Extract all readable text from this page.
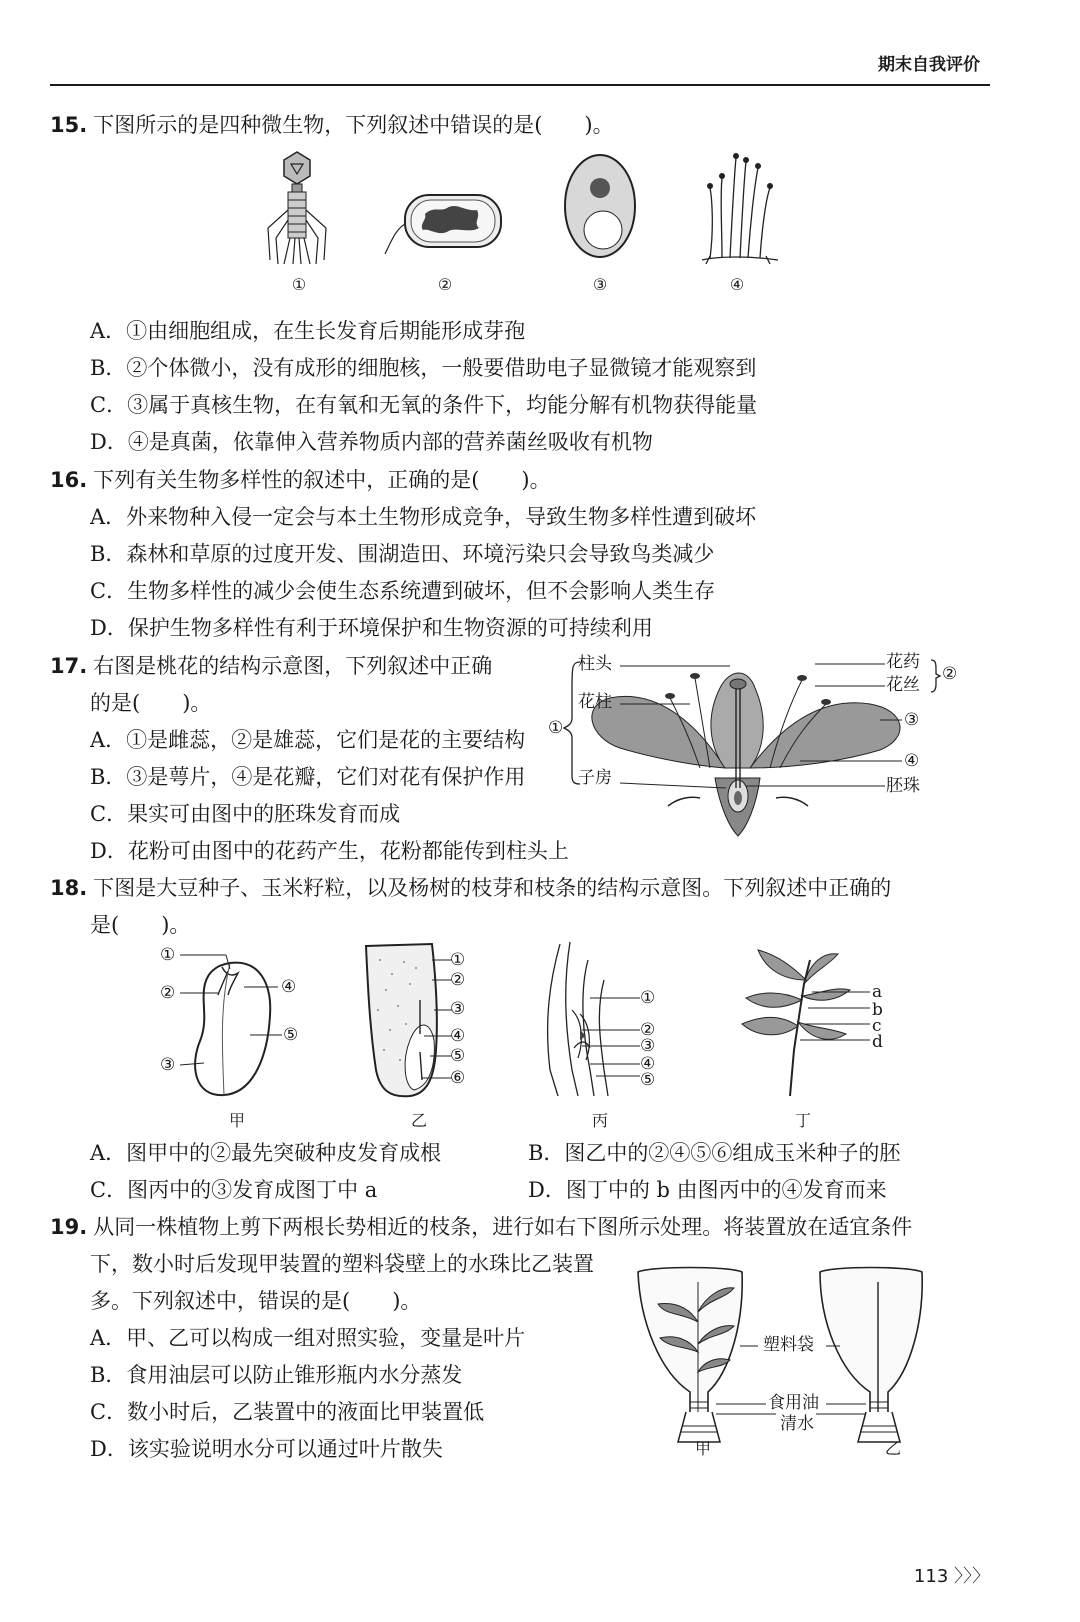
期末自我评价
15. 下图所示的是四种微生物，下列叙述中错误的是(　　)。
①	②	③	④
A．①由细胞组成，在生长发育后期能形成芽孢
B．②个体微小，没有成形的细胞核，一般要借助电子显微镜才能观察到
C．③属于真核生物，在有氧和无氧的条件下，均能分解有机物获得能量
D．④是真菌，依靠伸入营养物质内部的营养菌丝吸收有机物
16. 下列有关生物多样性的叙述中，正确的是(　　)。
A．外来物种入侵一定会与本土生物形成竞争，导致生物多样性遭到破坏
B．森林和草原的过度开发、围湖造田、环境污染只会导致鸟类减少
C．生物多样性的减少会使生态系统遭到破坏，但不会影响人类生存
D．保护生物多样性有利于环境保护和生物资源的可持续利用
17. 右图是桃花的结构示意图，下列叙述中正确
的是(　　)。
A．①是雌蕊，②是雄蕊，它们是花的主要结构
B．③是萼片，④是花瓣，它们对花有保护作用
C．果实可由图中的胚珠发育而成
D．花粉可由图中的花药产生，花粉都能传到柱头上
柱头
花柱
①
子房
花药
花丝
②
③
④
胚珠
18. 下图是大豆种子、玉米籽粒，以及杨树的枝芽和枝条的结构示意图。下列叙述中正确的
是(　　)。
①
②
③
④
⑤
甲
①
②
③
④
⑤
⑥
乙
①
②
③
④
⑤
丙
a
b
c
d
丁
A．图甲中的②最先突破种皮发育成根	B．图乙中的②④⑤⑥组成玉米种子的胚
C．图丙中的③发育成图丁中 a	D．图丁中的 b 由图丙中的④发育而来
19. 从同一株植物上剪下两根长势相近的枝条，进行如右下图所示处理。将装置放在适宜条件
下，数小时后发现甲装置的塑料袋壁上的水珠比乙装置
多。下列叙述中，错误的是(　　)。
A．甲、乙可以构成一组对照实验，变量是叶片
B．食用油层可以防止锥形瓶内水分蒸发
C．数小时后，乙装置中的液面比甲装置低
D．该实验说明水分可以通过叶片散失
塑料袋
食用油
清水
甲	乙
113 〉〉〉
